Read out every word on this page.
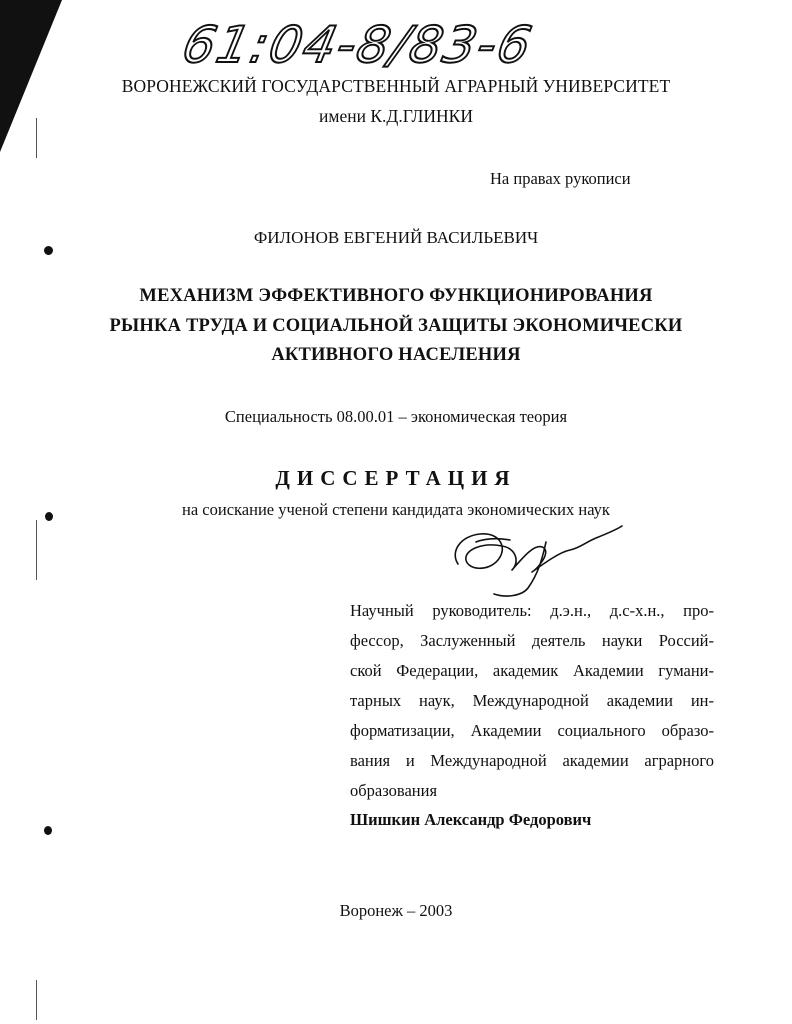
61:04-8/83-6
ВОРОНЕЖСКИЙ ГОСУДАРСТВЕННЫЙ АГРАРНЫЙ УНИВЕРСИТЕТ
имени К.Д.ГЛИНКИ
На правах рукописи
ФИЛОНОВ ЕВГЕНИЙ ВАСИЛЬЕВИЧ
МЕХАНИЗМ ЭФФЕКТИВНОГО ФУНКЦИОНИРОВАНИЯ
РЫНКА ТРУДА И СОЦИАЛЬНОЙ ЗАЩИТЫ ЭКОНОМИЧЕСКИ
АКТИВНОГО НАСЕЛЕНИЯ
Специальность 08.00.01 – экономическая теория
ДИССЕРТАЦИЯ
на соискание ученой степени кандидата экономических наук
Научный руководитель: д.э.н., д.с-х.н., про-
фессор, Заслуженный деятель науки Россий-
ской Федерации, академик Академии гумани-
тарных наук, Международной академии ин-
форматизации, Академии социального образо-
вания и Международной академии аграрного
образования
Шишкин Александр Федорович
Воронеж – 2003
